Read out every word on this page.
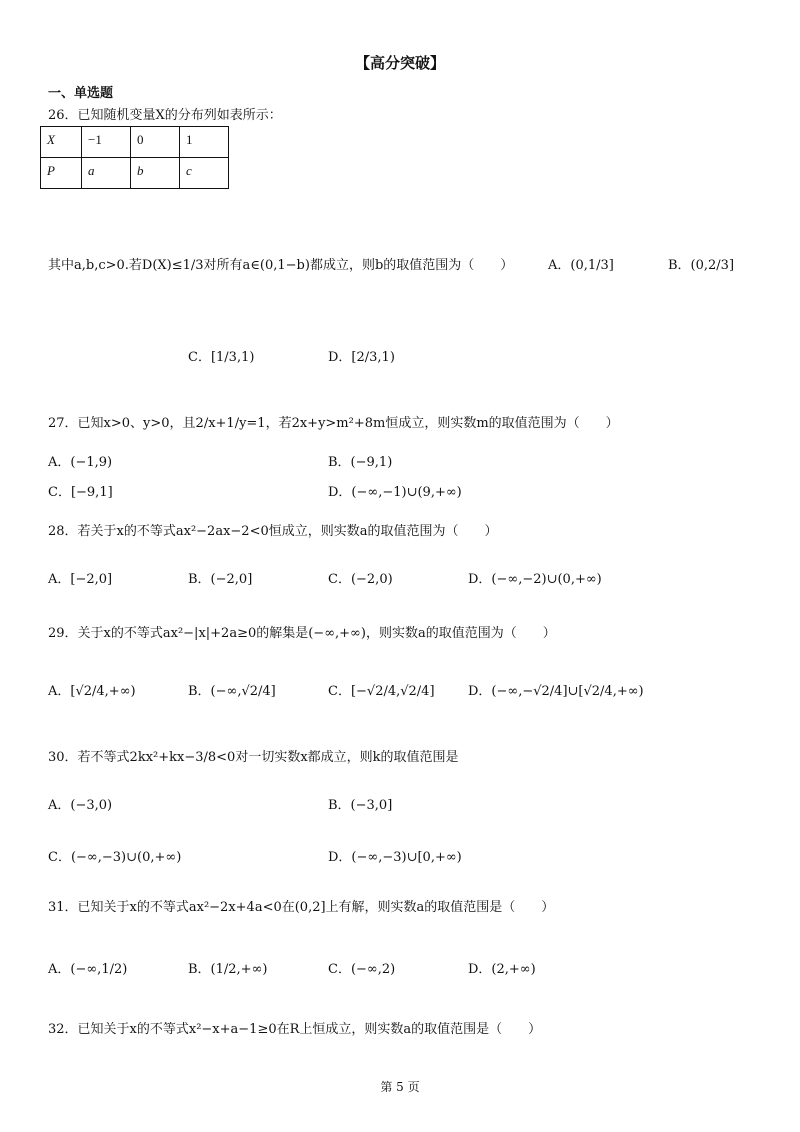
【高分突破】
一、单选题
26．已知随机变量X的分布列如表所示：
X	−1	0	1
P	a	b	c
其中a,b,c>0.若D(X)≤1/3对所有a∈(0,1−b)都成立，则b的取值范围为（　　）	A．(0,1/3]	B．(0,2/3]
C．[1/3,1)	D．[2/3,1)
27．已知x>0、y>0，且2/x+1/y=1，若2x+y>m²+8m恒成立，则实数m的取值范围为（　　）
A．(−1,9)	B．(−9,1)
C．[−9,1]	D．(−∞,−1)∪(9,+∞)
28．若关于x的不等式ax²−2ax−2<0恒成立，则实数a的取值范围为（　　）
A．[−2,0]	B．(−2,0]	C．(−2,0)	D．(−∞,−2)∪(0,+∞)
29．关于x的不等式ax²−|x|+2a≥0的解集是(−∞,+∞)，则实数a的取值范围为（　　）
A．[√2/4,+∞)	B．(−∞,√2/4]	C．[−√2/4,√2/4]	D．(−∞,−√2/4]∪[√2/4,+∞)
30．若不等式2kx²+kx−3/8<0对一切实数x都成立，则k的取值范围是
A．(−3,0)	B．(−3,0]
C．(−∞,−3)∪(0,+∞)	D．(−∞,−3)∪[0,+∞)
31．已知关于x的不等式ax²−2x+4a<0在(0,2]上有解，则实数a的取值范围是（　　）
A．(−∞,1/2)	B．(1/2,+∞)	C．(−∞,2)	D．(2,+∞)
32．已知关于x的不等式x²−x+a−1≥0在R上恒成立，则实数a的取值范围是（　　）
第 5 页
